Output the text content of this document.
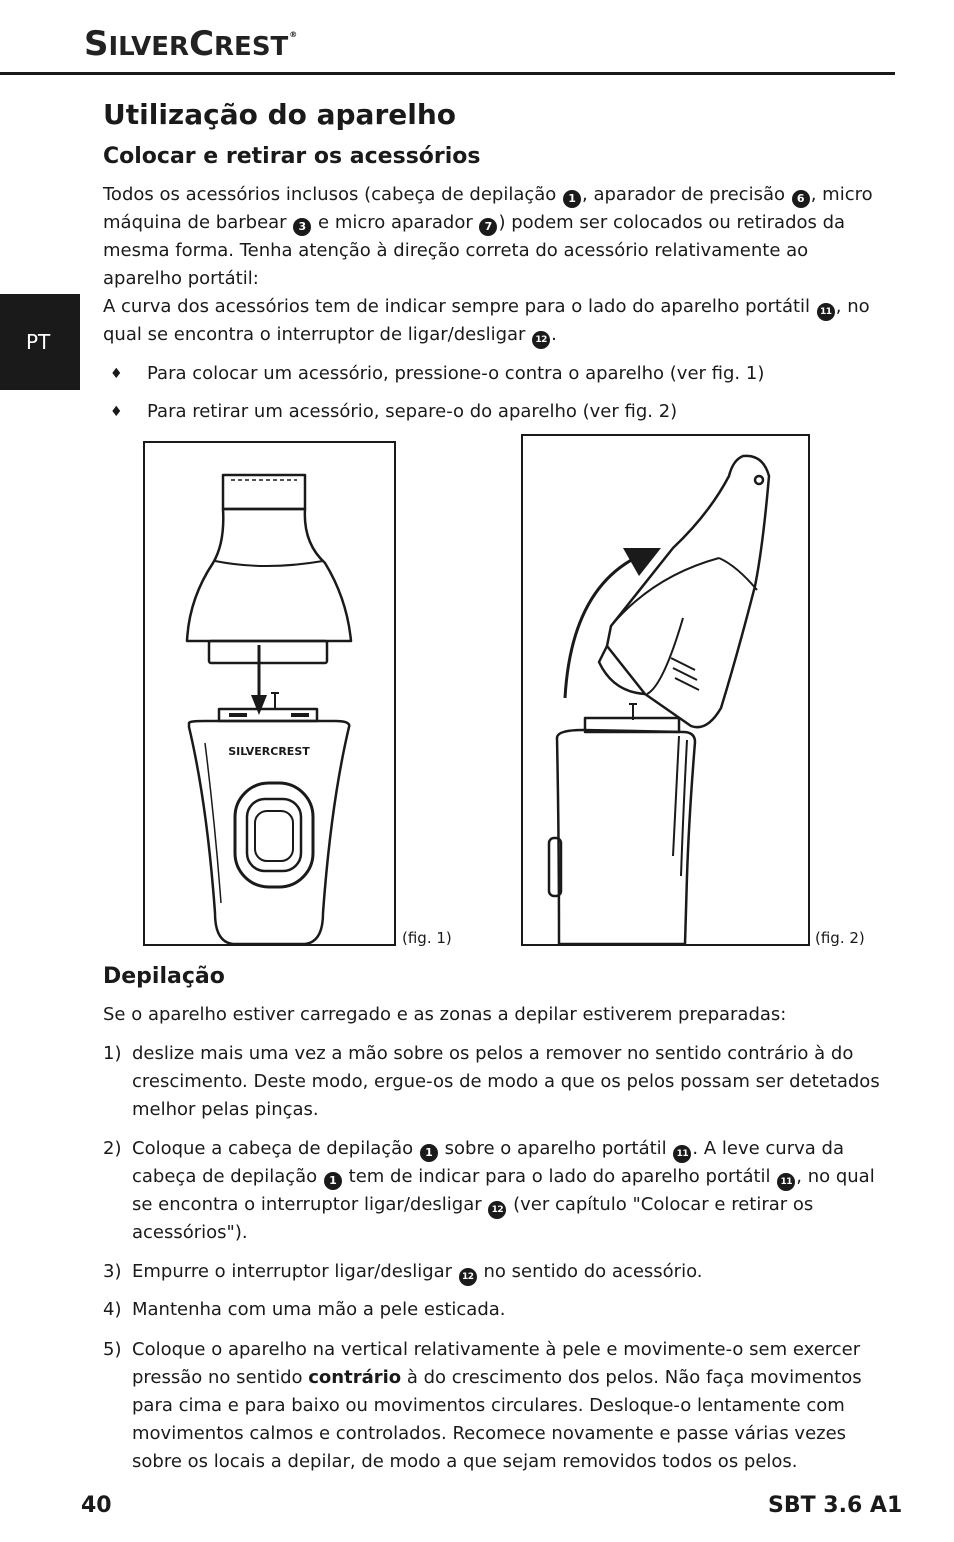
SILVERCREST®
PT
Utilização do aparelho
Colocar e retirar os acessórios

Todos os acessórios inclusos (cabeça de depilação 1 , aparador de precisão 6 , micro máquina de barbear 3 e micro aparador 7 ) podem ser colocados ou retirados da mesma forma. Tenha atenção à direção correta do acessório relativamente ao aparelho portátil:

A curva dos acessórios tem de indicar sempre para o lado do aparelho portátil 11 , no qual se encontra o interruptor de ligar/desligar 12 .

♦ Para colocar um acessório, pressione-o contra o aparelho (ver fig. 1)
♦ Para retirar um acessório, separe-o do aparelho (ver fig. 2)
SILVERCREST
(fig. 1)	(fig. 2)
Depilação

Se o aparelho estiver carregado e as zonas a depilar estiverem preparadas:

1) deslize mais uma vez a mão sobre os pelos a remover no sentido contrário à do crescimento. Deste modo, ergue-os de modo a que os pelos possam ser detetados melhor pelas pinças.
2) Coloque a cabeça de depilação 1 sobre o aparelho portátil 11 . A leve curva da cabeça de depilação 1 tem de indicar para o lado do aparelho portátil 11 , no qual se encontra o interruptor ligar/desligar 12 (ver capítulo "Colocar e retirar os acessórios").
3) Empurre o interruptor ligar/desligar 12 no sentido do acessório.
4) Mantenha com uma mão a pele esticada.
5) Coloque o aparelho na vertical relativamente à pele e movimente-o sem exercer pressão no sentido contrário à do crescimento dos pelos. Não faça movimentos para cima e para baixo ou movimentos circulares. Desloque-o lentamente com movimentos calmos e controlados. Recomece novamente e passe várias vezes sobre os locais a depilar, de modo a que sejam removidos todos os pelos.
40	SBT 3.6 A1
